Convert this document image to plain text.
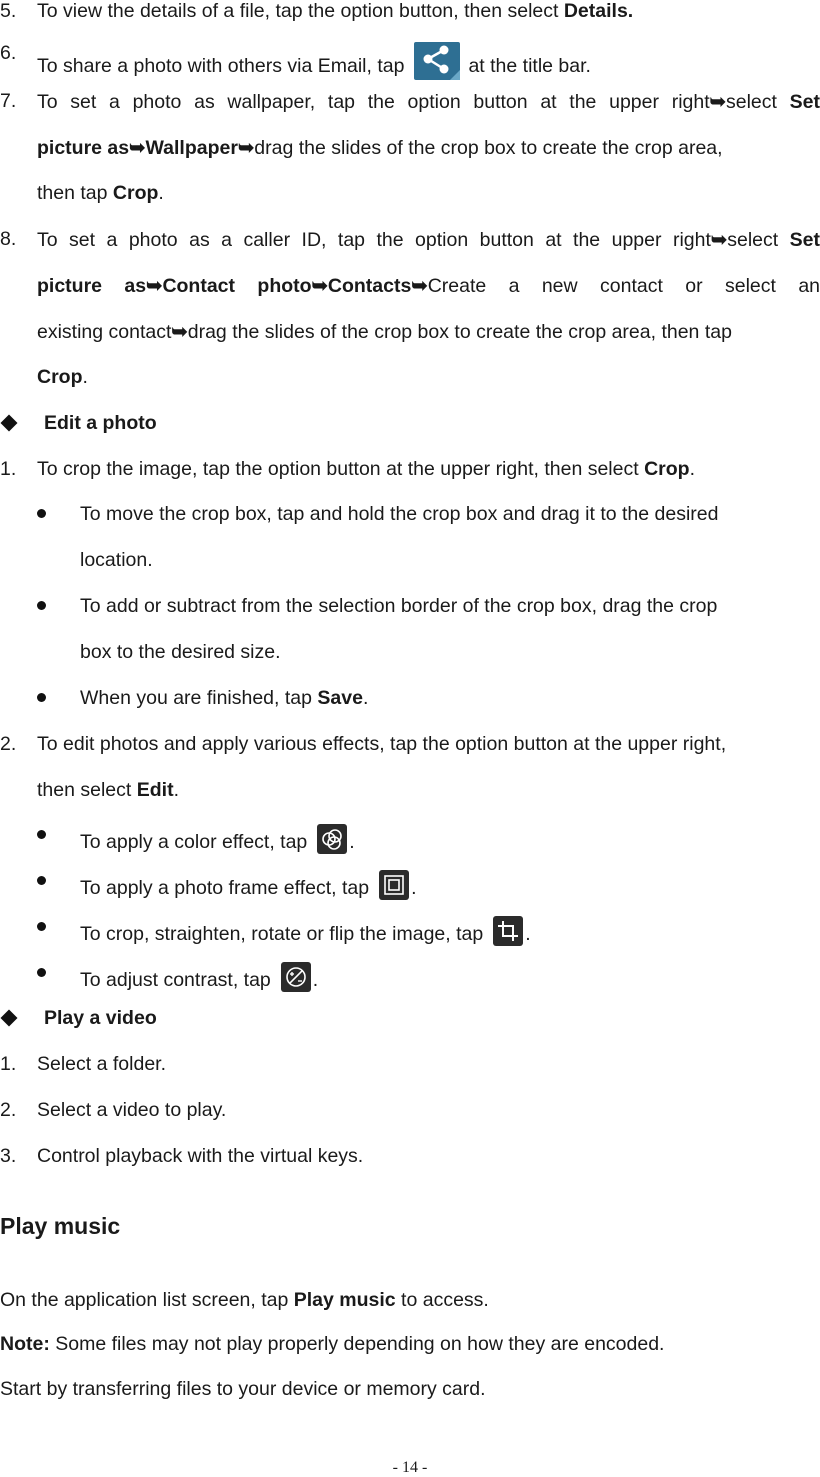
5. To view the details of a file, tap the option button, then select Details.
6.
To share a photo with others via Email, tap	at the title bar.
7. To set a photo as wallpaper, tap the option button at the upper right➥select Set
picture as➥Wallpaper➥drag the slides of the crop box to create the crop area,
then tap Crop.
8. To set a photo as a caller ID, tap the option button at the upper right➥select Set
picture as➥Contact photo➥Contacts➥Create a new contact or select an
existing contact➥drag the slides of the crop box to create the crop area, then tap
Crop.
Edit a photo
1. To crop the image, tap the option button at the upper right, then select Crop.
To move the crop box, tap and hold the crop box and drag it to the desired
location.
To add or subtract from the selection border of the crop box, drag the crop
box to the desired size.
When you are finished, tap Save.
2. To edit photos and apply various effects, tap the option button at the upper right,
then select Edit.
To apply a color effect, tap .
To apply a photo frame effect, tap .
To crop, straighten, rotate or flip the image, tap .
To adjust contrast, tap .
Play a video
1. Select a folder.
2. Select a video to play.
3. Control playback with the virtual keys.
Play music
On the application list screen, tap Play music to access.
Note: Some files may not play properly depending on how they are encoded.
Start by transferring files to your device or memory card.
- 14 -
